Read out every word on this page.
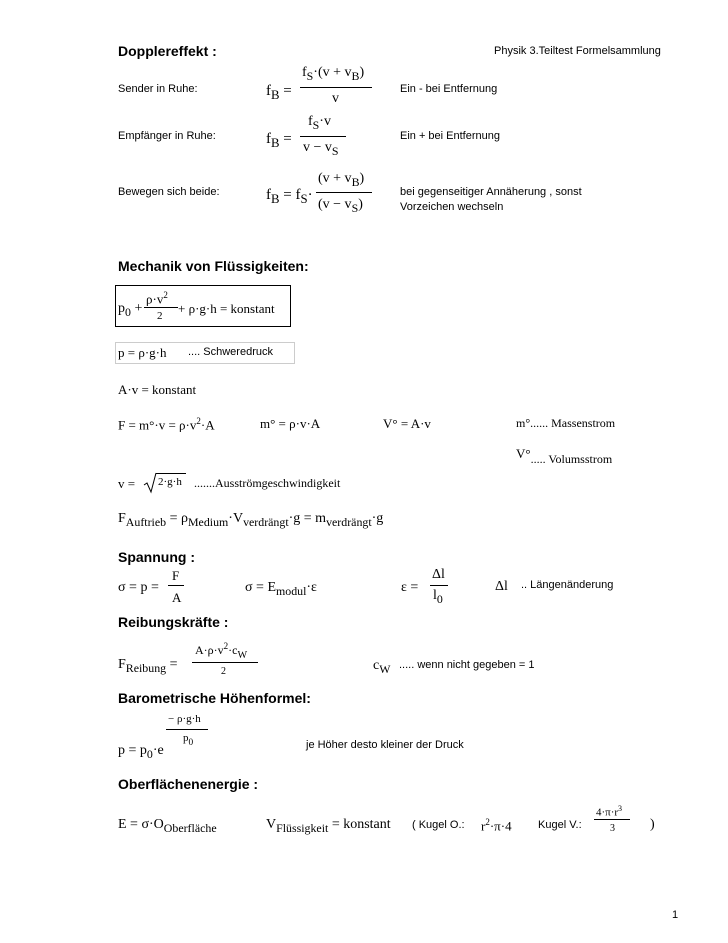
Dopplereffekt :	Physik 3.Teiltest Formelsammlung
Sender in Ruhe:	$f_B$ =
$f_S\cdot(v + v_B)$
v
Ein - bei Entfernung
Empfänger in Ruhe:	$f_B$ =
$f_S\cdot v$
$v - v_S$
Ein + bei Entfernung
Bewegen sich beide:	$f_B = f_S\cdot$
$(v + v_B)$
$(v - v_S)$
bei gegenseitiger Annäherung , sonst
Vorzeichen wechseln
Mechanik von Flüssigkeiten:
$p_0$ +
$\rho\cdot v^2$
2 + ρ·g·h = konstant
p = ρ·g·h .... Schweredruck
A·v = konstant
$F = m^\circ\cdot v = \rho\cdot v^2\cdot A$	m° = ρ·v·A	V° = A·v	m°...... Massenstrom
V°..... Volumsstrom
v = 2·g·h .......Ausströmgeschwindigkeit
$F_{Auftrieb} = \rho_{Medium}\cdot V_{verdrängt}\cdot g = m_{verdrängt}\cdot g$
Spannung :
σ = p =
F
A
$\sigma = E_{modul}\cdot\varepsilon$	ε =
Δl
$l_0$
Δl .. Längenänderung
Reibungskräfte :
$F_{Reibung}$ =
$A\cdot\rho\cdot v^2\cdot c_W$
2	$c_W$ ..... wenn nicht gegeben = 1
Barometrische Höhenformel:
− ρ·g·h
$p_0$
$p = p_0\cdot e$	je Höher desto kleiner der Druck
Oberflächenenergie :
$E = \sigma\cdot O_{Oberfläche}$	$V_{Flüssigkeit}$ = konstant ( Kugel O.: $r^2\cdot\pi\cdot 4$ Kugel V.:
$4\cdot\pi\cdot r^3$
3	)
1
